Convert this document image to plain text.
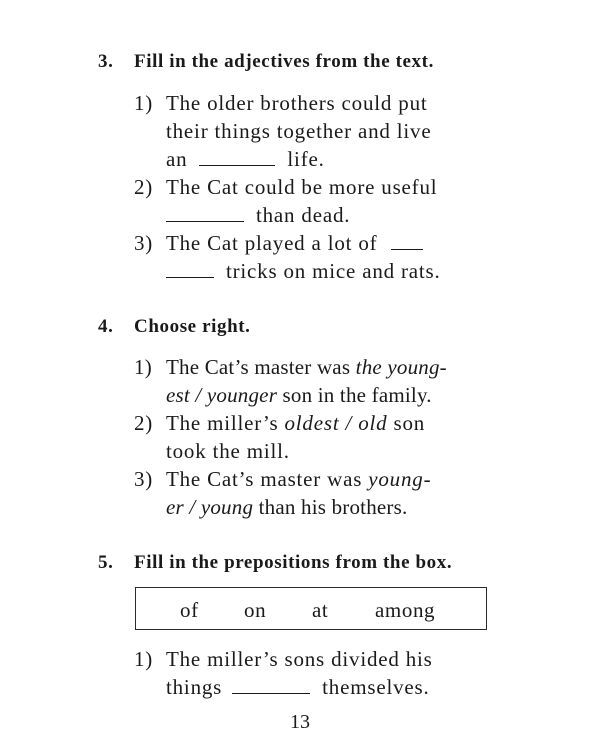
3. Fill in the adjectives from the text.
1) The older brothers could put
their things together and live
an	life.
2) The Cat could be more useful
than dead.
3) The Cat played a lot of
tricks on mice and rats.
4. Choose right.
1) The Cat’s master was the young-
est / younger son in the family.
2) The miller’s oldest / old son
took the mill.
3) The Cat’s master was young-
er / young than his brothers.
5. Fill in the prepositions from the box.
of on at among
1) The miller’s sons divided his
things	themselves.
13
